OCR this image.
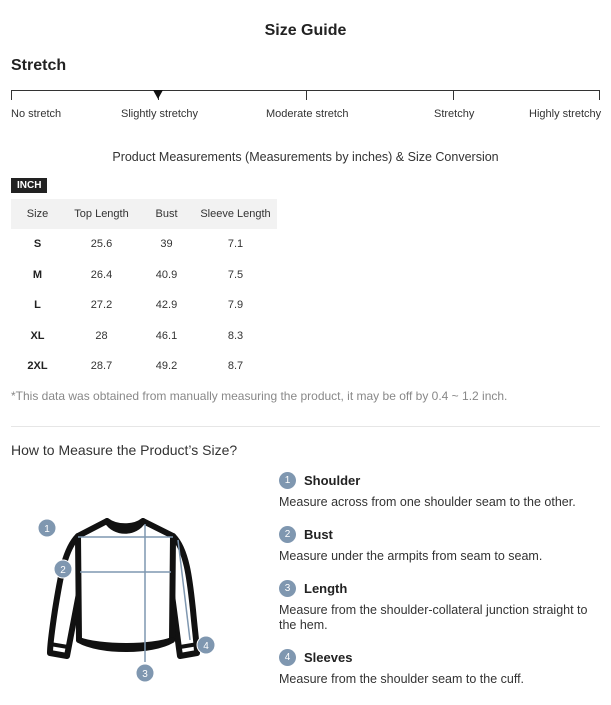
Size Guide
Stretch
No stretch	Slightly stretchy	Moderate stretch	Stretchy	Highly stretchy
Product Measurements (Measurements by inches) & Size Conversion
INCH
Size	Top Length	Bust	Sleeve Length
S	25.6	39	7.1
M	26.4	40.9	7.5
L	27.2	42.9	7.9
XL	28	46.1	8.3
2XL	28.7	49.2	8.7
*This data was obtained from manually measuring the product, it may be off by 0.4 ~ 1.2 inch.
How to Measure the Product’s Size?
1
2
3
4
1	Shoulder
Measure across from one shoulder seam to the other.
2	Bust
Measure under the armpits from seam to seam.
3	Length
Measure from the shoulder-collateral junction straight to the hem.
4	Sleeves
Measure from the shoulder seam to the cuff.
